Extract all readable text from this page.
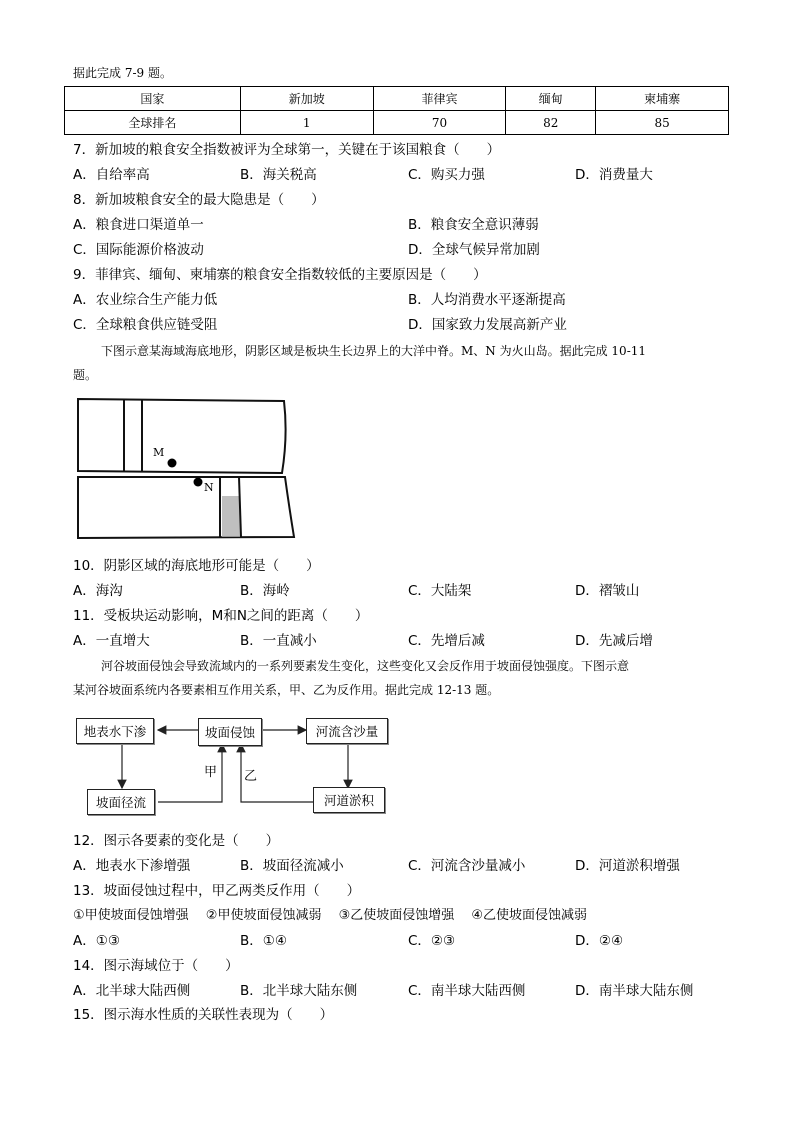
据此完成 7-9 题。
国家	新加坡	菲律宾	缅甸	柬埔寨
全球排名	1	70	82	85
7．新加坡的粮食安全指数被评为全球第一，关键在于该国粮食（　　）
A．自给率高	B．海关税高	C．购买力强	D．消费量大
8．新加坡粮食安全的最大隐患是（　　）
A．粮食进口渠道单一	B．粮食安全意识薄弱
C．国际能源价格波动	D．全球气候异常加剧
9．菲律宾、缅甸、柬埔寨的粮食安全指数较低的主要原因是（　　）
A．农业综合生产能力低	B．人均消费水平逐渐提高
C．全球粮食供应链受阻	D．国家致力发展高新产业
下图示意某海域海底地形，阴影区域是板块生长边界上的大洋中脊。M、N 为火山岛。据此完成 10-11
题。
M
N
10．阴影区域的海底地形可能是（　　）
A．海沟	B．海岭	C．大陆架	D．褶皱山
11．受板块运动影响，M和N之间的距离（　　）
A．一直增大	B．一直减小	C．先增后减	D．先减后增
河谷坡面侵蚀会导致流域内的一系列要素发生变化，这些变化又会反作用于坡面侵蚀强度。下图示意
某河谷坡面系统内各要素相互作用关系，甲、乙为反作用。据此完成 12-13 题。
地表水下渗	坡面侵蚀	河流含沙量
坡面径流	河道淤积
甲 乙
12．图示各要素的变化是（　　）
A．地表水下渗增强	B．坡面径流减小	C．河流含沙量减小	D．河道淤积增强
13．坡面侵蚀过程中，甲乙两类反作用（　　）
①甲使坡面侵蚀增强　 ②甲使坡面侵蚀减弱　 ③乙使坡面侵蚀增强　 ④乙使坡面侵蚀减弱
A．①③	B．①④	C．②③	D．②④
14．图示海域位于（　　）
A．北半球大陆西侧	B．北半球大陆东侧	C．南半球大陆西侧	D．南半球大陆东侧
15．图示海水性质的关联性表现为（　　）
